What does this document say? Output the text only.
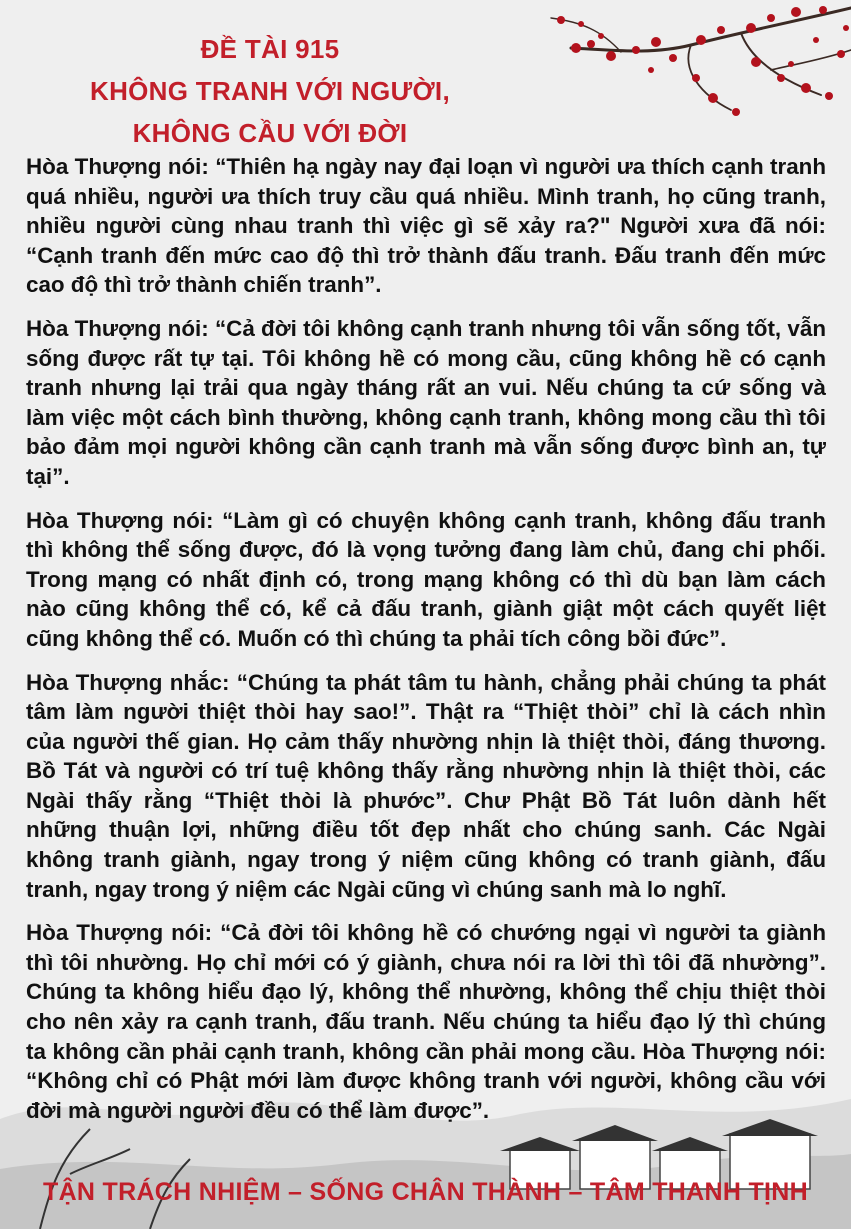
ĐỀ TÀI 915
KHÔNG TRANH VỚI NGƯỜI,
KHÔNG CẦU VỚI ĐỜI

Hòa Thượng nói: “Thiên hạ ngày nay đại loạn vì người ưa thích cạnh tranh quá nhiều, người ưa thích truy cầu quá nhiều. Mình tranh, họ cũng tranh, nhiều người cùng nhau tranh thì việc gì sẽ xảy ra?" Người xưa đã nói: “Cạnh tranh đến mức cao độ thì trở thành đấu tranh. Đấu tranh đến mức cao độ thì trở thành chiến tranh”.

Hòa Thượng nói: “Cả đời tôi không cạnh tranh nhưng tôi vẫn sống tốt, vẫn sống được rất tự tại. Tôi không hề có mong cầu, cũng không hề có cạnh tranh nhưng lại trải qua ngày tháng rất an vui. Nếu chúng ta cứ sống và làm việc một cách bình thường, không cạnh tranh, không mong cầu thì tôi bảo đảm mọi người không cần cạnh tranh mà vẫn sống được bình an, tự tại”.

Hòa Thượng nói: “Làm gì có chuyện không cạnh tranh, không đấu tranh thì không thể sống được, đó là vọng tưởng đang làm chủ, đang chi phối. Trong mạng có nhất định có, trong mạng không có thì dù bạn làm cách nào cũng không thể có, kể cả đấu tranh, giành giật một cách quyết liệt cũng không thể có. Muốn có thì chúng ta phải tích công bồi đức”.

Hòa Thượng nhắc: “Chúng ta phát tâm tu hành, chẳng phải chúng ta phát tâm làm người thiệt thòi hay sao!”. Thật ra “Thiệt thòi” chỉ là cách nhìn của người thế gian. Họ cảm thấy nhường nhịn là thiệt thòi, đáng thương. Bồ Tát và người có trí tuệ không thấy rằng nhường nhịn là thiệt thòi, các Ngài thấy rằng “Thiệt thòi là phước”. Chư Phật Bồ Tát luôn dành hết những thuận lợi, những điều tốt đẹp nhất cho chúng sanh. Các Ngài không tranh giành, ngay trong ý niệm cũng không có tranh giành, đấu tranh, ngay trong ý niệm các Ngài cũng vì chúng sanh mà lo nghĩ.

Hòa Thượng nói: “Cả đời tôi không hề có chướng ngại vì người ta giành thì tôi nhường. Họ chỉ mới có ý giành, chưa nói ra lời thì tôi đã nhường”. Chúng ta không hiểu đạo lý, không thể nhường, không thể chịu thiệt thòi cho nên xảy ra cạnh tranh, đấu tranh. Nếu chúng ta hiểu đạo lý thì chúng ta không cần phải cạnh tranh, không cần phải mong cầu. Hòa Thượng nói: “Không chỉ có Phật mới làm được không tranh với người, không cầu với đời mà người người đều có thể làm được”.

TẬN TRÁCH NHIỆM – SỐNG CHÂN THÀNH – TÂM THANH TỊNH
